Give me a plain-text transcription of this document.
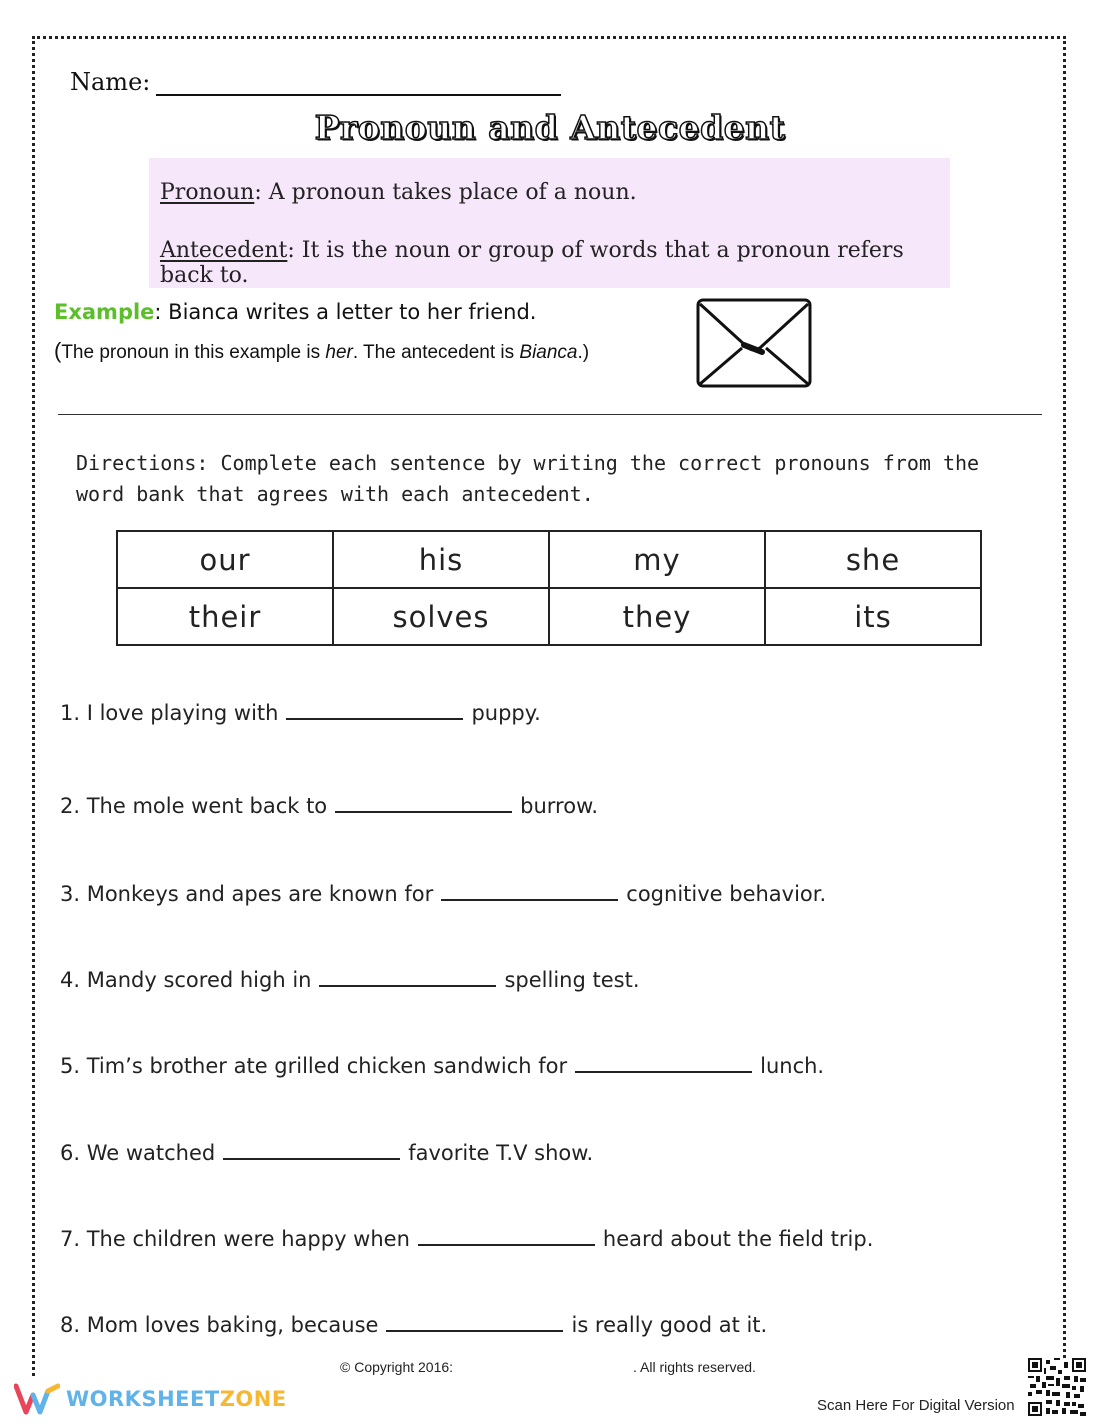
Name:
Pronoun and Antecedent
Pronoun: A pronoun takes place of a noun.
Antecedent: It is the noun or group of words that a pronoun refers back to.
Example: Bianca writes a letter to her friend.
(The pronoun in this example is her. The antecedent is Bianca.)
Directions: Complete each sentence by writing the correct pronouns from the word bank that agrees with each antecedent.
our	his	my	she
their	solves	they	its
1. I love playing with	puppy.
2. The mole went back to	burrow.
3. Monkeys and apes are known for	cognitive behavior.
4. Mandy scored high in	spelling test.
5. Tim’s brother ate grilled chicken sandwich for	lunch.
6. We watched	favorite T.V show.
7. The children were happy when	heard about the field trip.
8. Mom loves baking, because	is really good at it.
© Copyright 2016:	. All rights reserved.
WORKSHEETZONE	Scan Here For Digital Version
